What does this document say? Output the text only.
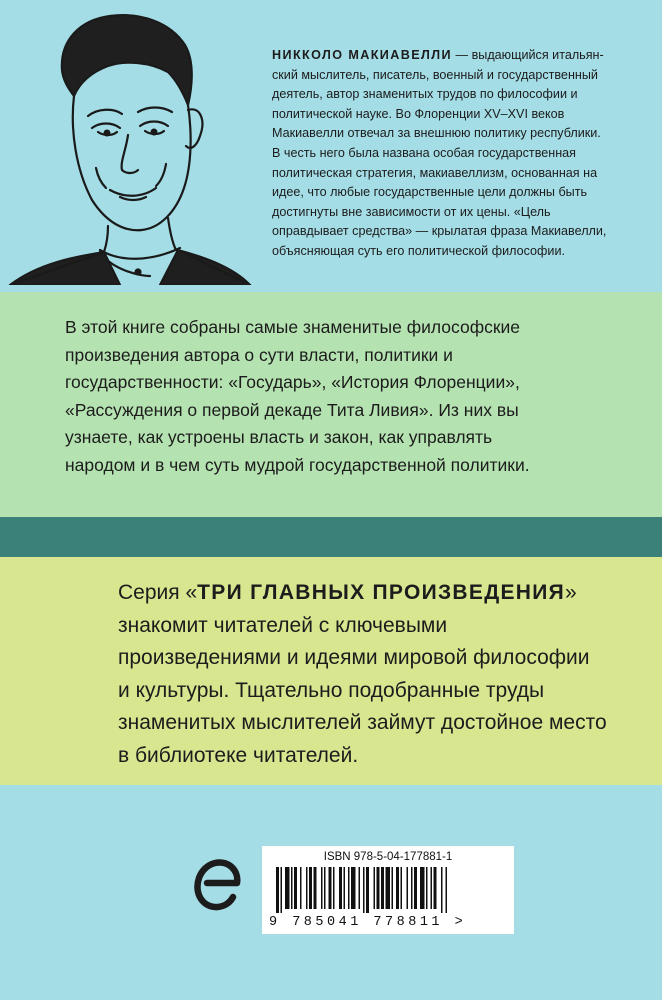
НИККОЛО МАКИАВЕЛЛИ — выдающийся итальян-
ский мыслитель, писатель, военный и государственный
деятель, автор знаменитых трудов по философии и
политической науке. Во Флоренции XV–XVI веков
Макиавелли отвечал за внешнюю политику республики.
В честь него была названа особая государственная
политическая стратегия, макиавеллизм, основанная на
идее, что любые государственные цели должны быть
достигнуты вне зависимости от их цены. «Цель
оправдывает средства» — крылатая фраза Макиавелли,
объясняющая суть его политической философии.
В этой книге собраны самые знаменитые философские
произведения автора о сути власти, политики и
государственности: «Государь», «История Флоренции»,
«Рассуждения о первой декаде Тита Ливия». Из них вы
узнаете, как устроены власть и закон, как управлять
народом и в чем суть мудрой государственной политики.
Серия «ТРИ ГЛАВНЫХ ПРОИЗВЕДЕНИЯ»
знакомит читателей с ключевыми
произведениями и идеями мировой философии
и культуры. Тщательно подобранные труды
знаменитых мыслителей займут достойное место
в библиотеке читателей.
ISBN 978-5-04-177881-1
9 785041 778811 >
